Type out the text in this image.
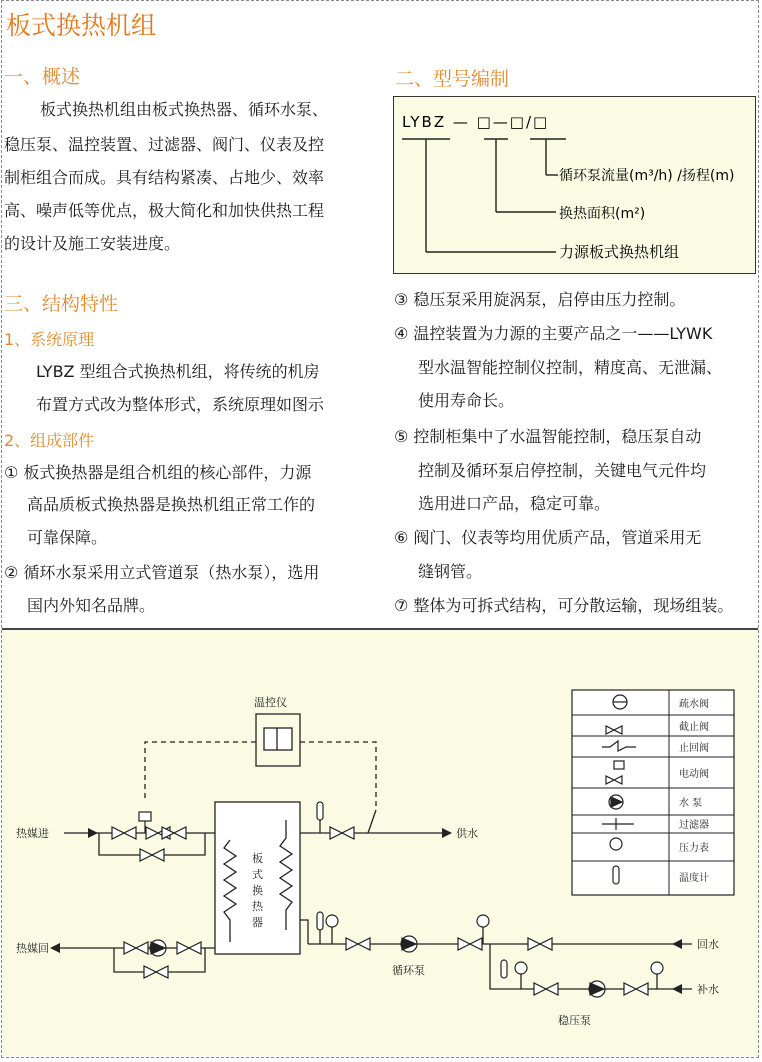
板式换热机组
一、概述
板式换热机组由板式换热器、循环水泵、
稳压泵、温控装置、过滤器、阀门、仪表及控
制柜组合而成。具有结构紧凑、占地少、效率
高、噪声低等优点，极大简化和加快供热工程
的设计及施工安装进度。
二、型号编制
LYBZ — □—□/□
循环泵流量(m³/h) /扬程(m)
换热面积(m²)
力源板式换热机组
三、结构特性
1、系统原理
LYBZ 型组合式换热机组，将传统的机房
布置方式改为整体形式，系统原理如图示
2、组成部件
① 板式换热器是组合机组的核心部件，力源
高品质板式换热器是换热机组正常工作的
可靠保障。
② 循环水泵采用立式管道泵（热水泵），选用
国内外知名品牌。
③ 稳压泵采用旋涡泵，启停由压力控制。
④ 温控装置为力源的主要产品之一——LYWK
型水温智能控制仪控制，精度高、无泄漏、
使用寿命长。
⑤ 控制柜集中了水温智能控制，稳压泵自动
控制及循环泵启停控制，关键电气元件均
选用进口产品，稳定可靠。
⑥ 阀门、仪表等均用优质产品，管道采用无
缝钢管。
⑦ 整体为可拆式结构，可分散运输，现场组装。
温控仪
热媒进
热媒回
供水
回水
补水
循环泵
稳压泵
板
式
换
热
器
疏水阀
截止阀
止回阀
电动阀
水 泵
过滤器
压力表
温度计
